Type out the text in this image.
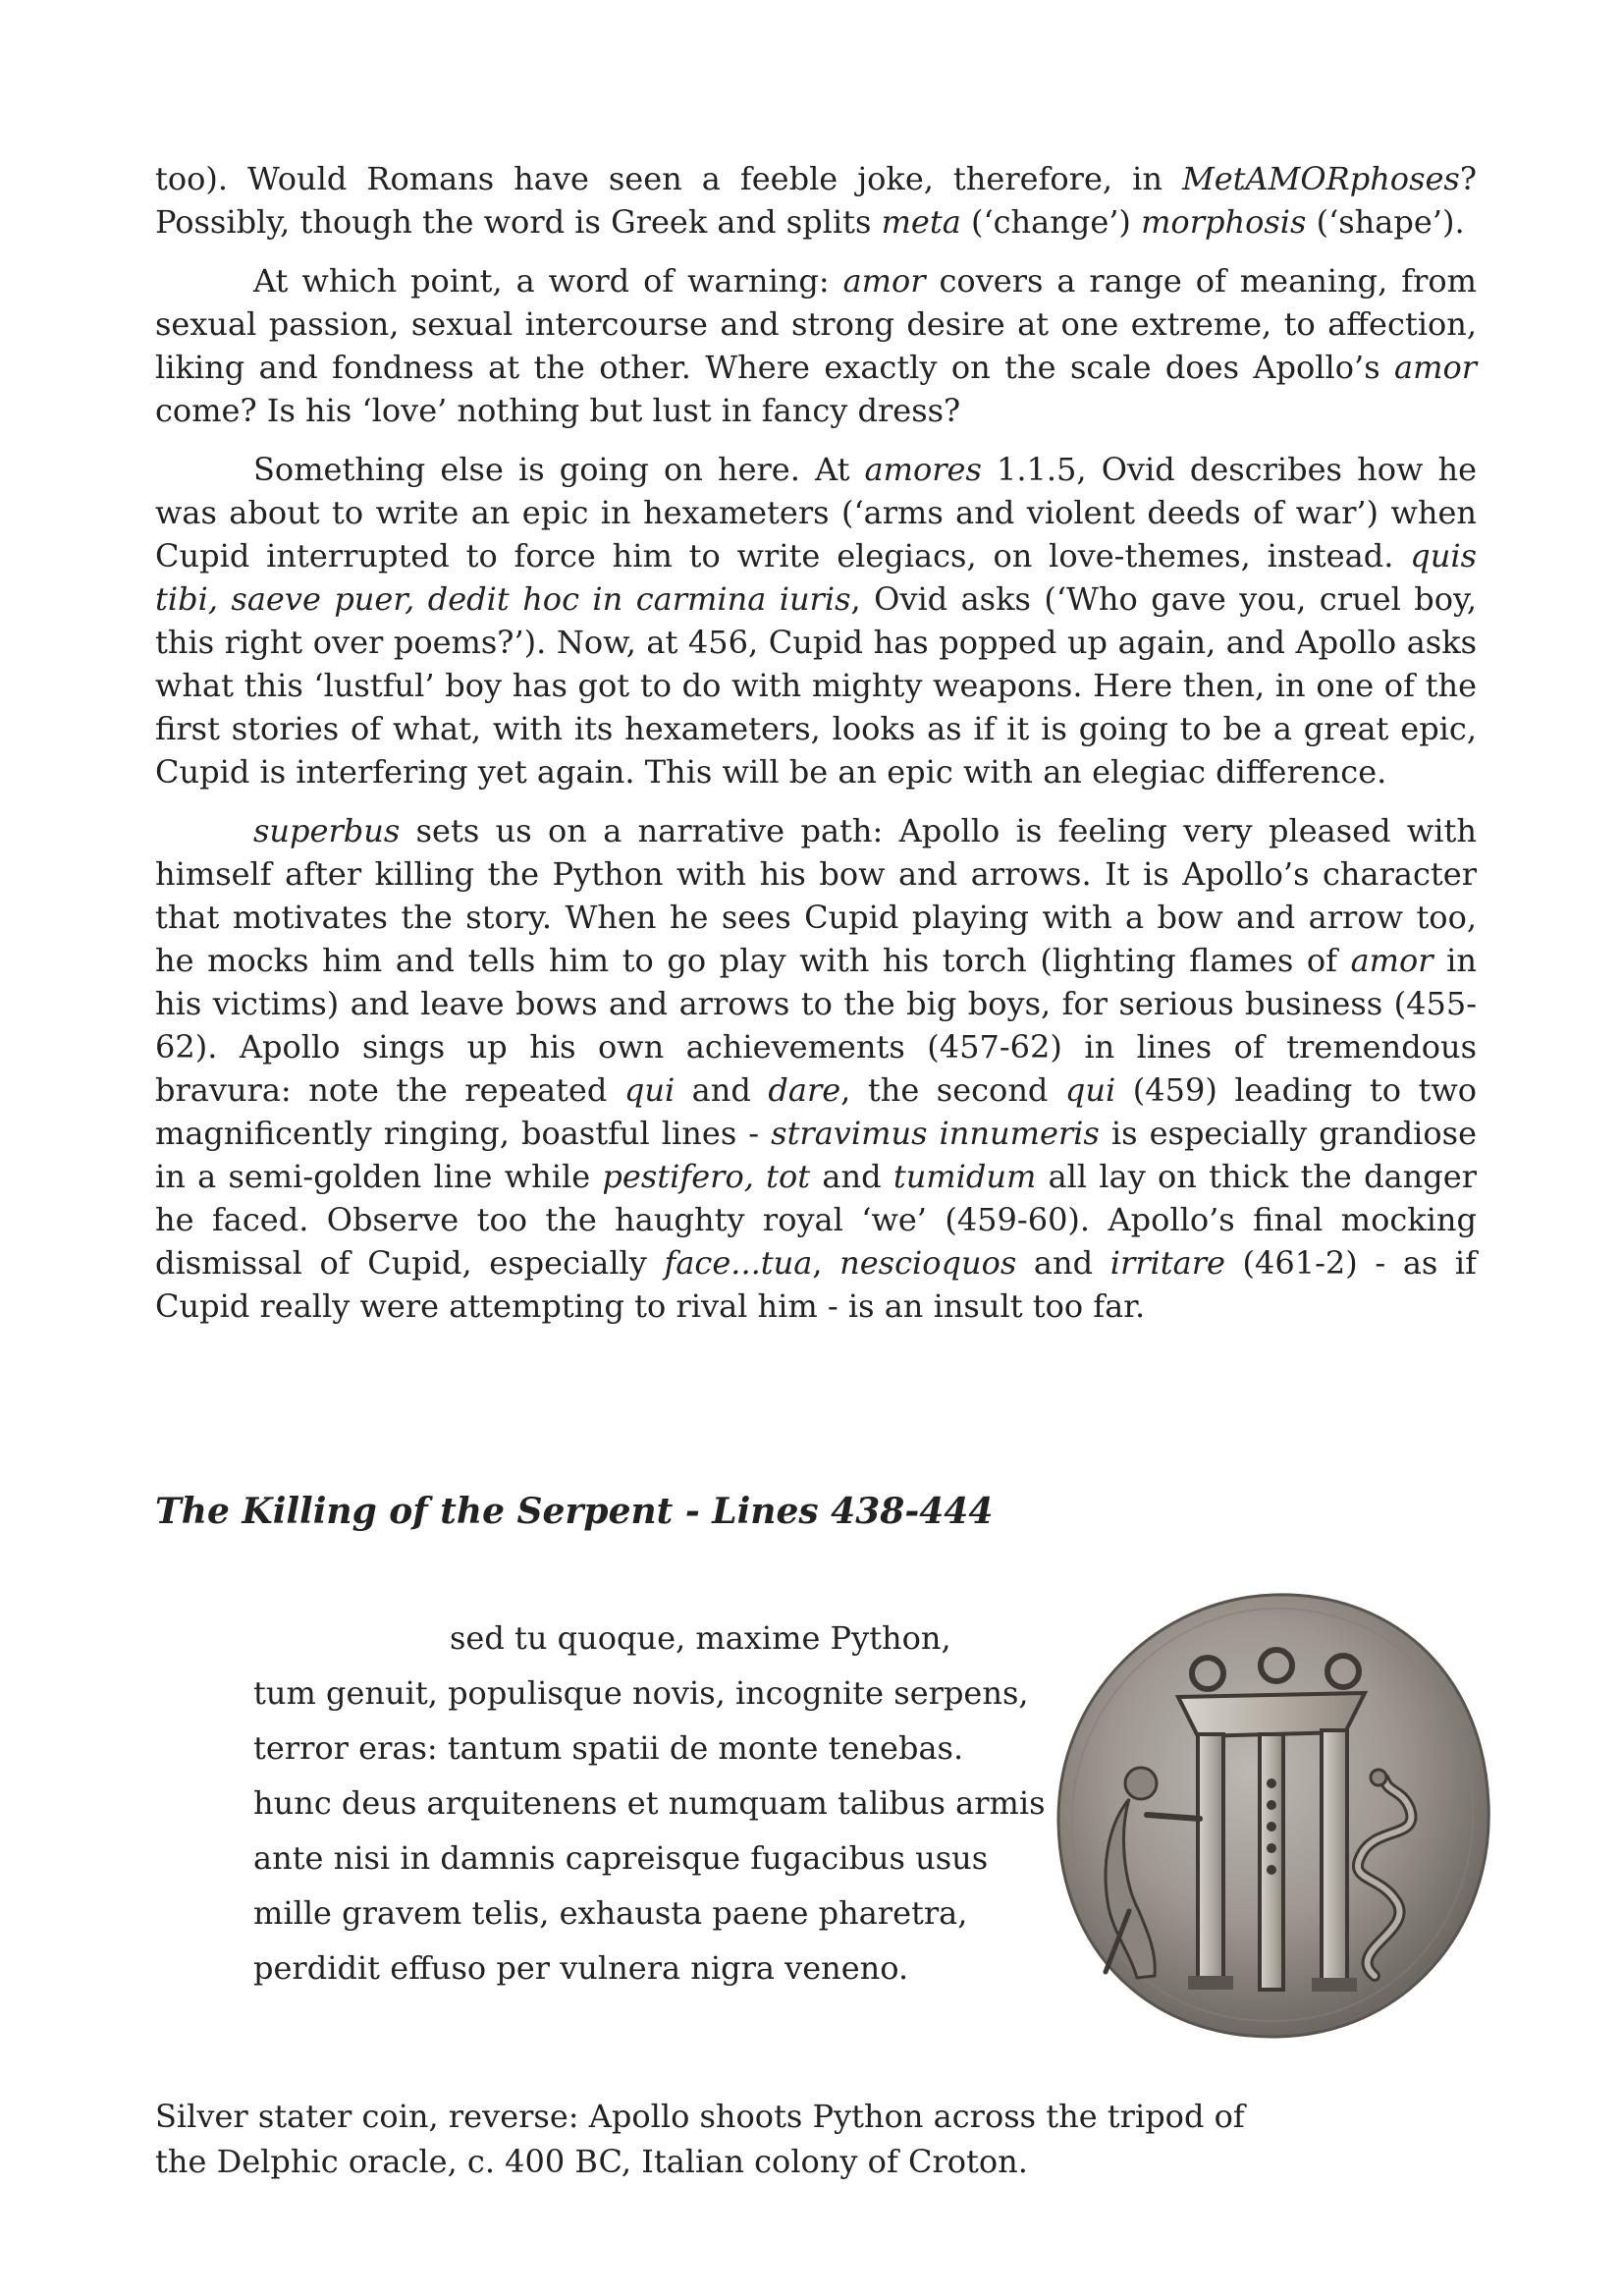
too). Would Romans have seen a feeble joke, therefore, in MetAMORphoses? Possibly, though the word is Greek and splits meta (‘change’) morphosis (‘shape’).

At which point, a word of warning: amor covers a range of meaning, from sexual passion, sexual intercourse and strong desire at one extreme, to affection, liking and fondness at the other. Where exactly on the scale does Apollo’s amor come? Is his ‘love’ nothing but lust in fancy dress?

Something else is going on here. At amores 1.1.5, Ovid describes how he was about to write an epic in hexameters (‘arms and violent deeds of war’) when Cupid interrupted to force him to write elegiacs, on love-themes, instead. quis tibi, saeve puer, dedit hoc in carmina iuris, Ovid asks (‘Who gave you, cruel boy, this right over poems?’). Now, at 456, Cupid has popped up again, and Apollo asks what this ‘lustful’ boy has got to do with mighty weapons. Here then, in one of the first stories of what, with its hexameters, looks as if it is going to be a great epic, Cupid is interfering yet again. This will be an epic with an elegiac difference.

superbus sets us on a narrative path: Apollo is feeling very pleased with himself after killing the Python with his bow and arrows. It is Apollo’s character that motivates the story. When he sees Cupid playing with a bow and arrow too, he mocks him and tells him to go play with his torch (lighting flames of amor in his victims) and leave bows and arrows to the big boys, for serious business (455-62). Apollo sings up his own achievements (457-62) in lines of tremendous bravura: note the repeated qui and dare, the second qui (459) leading to two magnificently ringing, boastful lines - stravimus innumeris is especially grandiose in a semi-golden line while pestifero, tot and tumidum all lay on thick the danger he faced. Observe too the haughty royal ‘we’ (459-60). Apollo’s final mocking dismissal of Cupid, especially face...tua, nescioquos and irritare (461-2) - as if Cupid really were attempting to rival him - is an insult too far.

The Killing of the Serpent - Lines 438-444
sed tu quoque, maxime Python,
tum genuit, populisque novis, incognite serpens,
terror eras: tantum spatii de monte tenebas.
hunc deus arquitenens et numquam talibus armis
ante nisi in damnis capreisque fugacibus usus
mille gravem telis, exhausta paene pharetra,
perdidit effuso per vulnera nigra veneno.
Silver stater coin, reverse: Apollo shoots Python across the tripod of the Delphic oracle, c. 400 BC, Italian colony of Croton.
